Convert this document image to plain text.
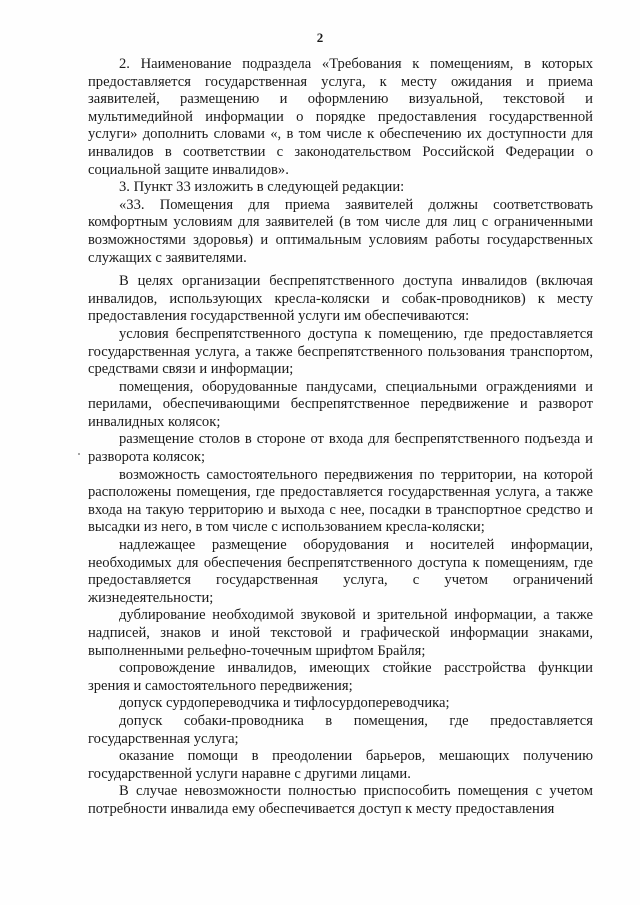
2

2. Наименование подраздела «Требования к помещениям, в которых предоставляется государственная услуга, к месту ожидания и приема заявителей, размещению и оформлению визуальной, текстовой и мультимедийной информации о порядке предоставления государственной услуги» дополнить словами «, в том числе к обеспечению их доступности для инвалидов в соответствии с законодательством Российской Федерации о социальной защите инвалидов».

3. Пункт 33 изложить в следующей редакции:

«33. Помещения для приема заявителей должны соответствовать комфортным условиям для заявителей (в том числе для лиц с ограниченными возможностями здоровья) и оптимальным условиям работы государственных служащих с заявителями.

В целях организации беспрепятственного доступа инвалидов (включая инвалидов, использующих кресла-коляски и собак-проводников) к месту предоставления государственной услуги им обеспечиваются:

условия беспрепятственного доступа к помещению, где предоставляется государственная услуга, а также беспрепятственного пользования транспортом, средствами связи и информации;

помещения, оборудованные пандусами, специальными ограждениями и перилами, обеспечивающими беспрепятственное передвижение и разворот инвалидных колясок;

размещение столов в стороне от входа для беспрепятственного подъезда и разворота колясок;

возможность самостоятельного передвижения по территории, на которой расположены помещения, где предоставляется государственная услуга, а также входа на такую территорию и выхода с нее, посадки в транспортное средство и высадки из него, в том числе с использованием кресла-коляски;

надлежащее размещение оборудования и носителей информации, необходимых для обеспечения беспрепятственного доступа к помещениям, где предоставляется государственная услуга, с учетом ограничений жизнедеятельности;

дублирование необходимой звуковой и зрительной информации, а также надписей, знаков и иной текстовой и графической информации знаками, выполненными рельефно-точечным шрифтом Брайля;

сопровождение инвалидов, имеющих стойкие расстройства функции зрения и самостоятельного передвижения;

допуск сурдопереводчика и тифлосурдопереводчика;

допуск собаки-проводника в помещения, где предоставляется государственная услуга;

оказание помощи в преодолении барьеров, мешающих получению государственной услуги наравне с другими лицами.

В случае невозможности полностью приспособить помещения с учетом потребности инвалида ему обеспечивается доступ к месту предоставления
